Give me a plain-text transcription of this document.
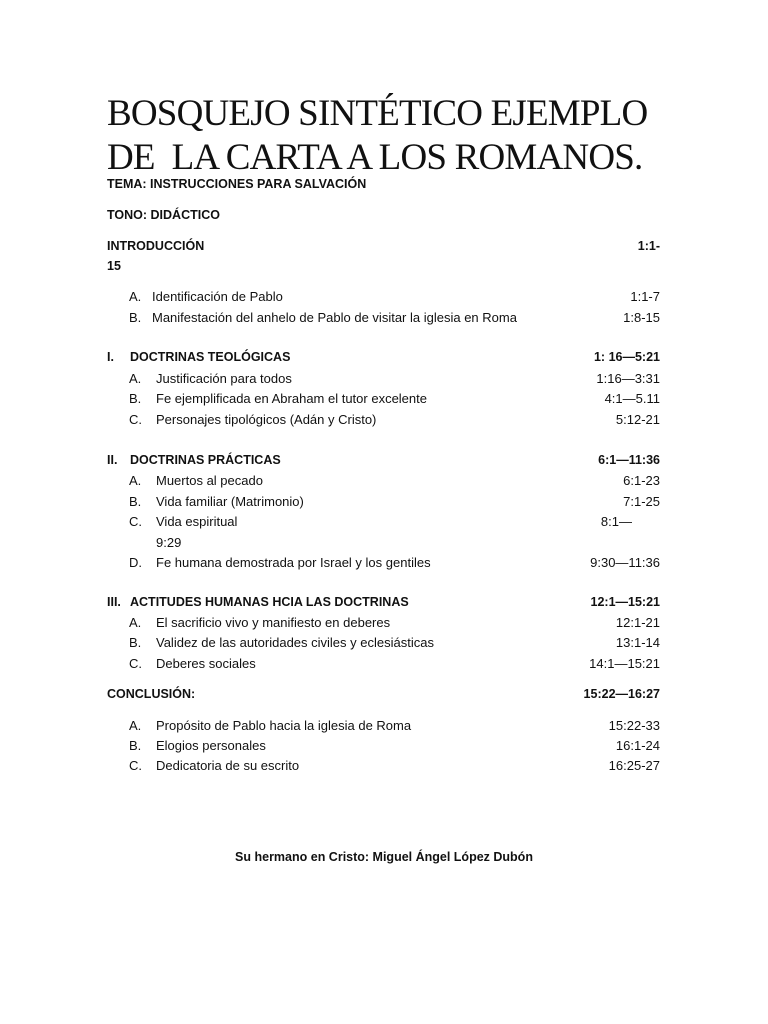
BOSQUEJO SINTÉTICO EJEMPLO
DE  LA CARTA A LOS ROMANOS.
TEMA: INSTRUCCIONES PARA SALVACIÓN
TONO: DIDÁCTICO
INTRODUCCIÓN	1:1-
15
A. Identificación de Pablo	1:1-7
B. Manifestación del anhelo de Pablo de visitar la iglesia en Roma	1:8-15
I. DOCTRINAS TEOLÓGICAS	1: 16—5:21
A. Justificación para todos	1:16—3:31
B. Fe ejemplificada en Abraham el tutor excelente	4:1—5.11
C. Personajes tipológicos (Adán y Cristo)	5:12-21
II. DOCTRINAS PRÁCTICAS	6:1—11:36
A. Muertos al pecado	6:1-23
B. Vida familiar (Matrimonio)	7:1-25
C. Vida espiritual	8:1—
9:29
D. Fe humana demostrada por Israel y los gentiles	9:30—11:36
III. ACTITUDES HUMANAS HCIA LAS DOCTRINAS	12:1—15:21
A. El sacrificio vivo y manifiesto en deberes	12:1-21
B. Validez de las autoridades civiles y eclesiásticas	13:1-14
C. Deberes sociales	14:1—15:21
CONCLUSIÓN:	15:22—16:27
A. Propósito de Pablo hacia la iglesia de Roma	15:22-33
B. Elogios personales	16:1-24
C. Dedicatoria de su escrito	16:25-27
Su hermano en Cristo: Miguel Ángel López Dubón
